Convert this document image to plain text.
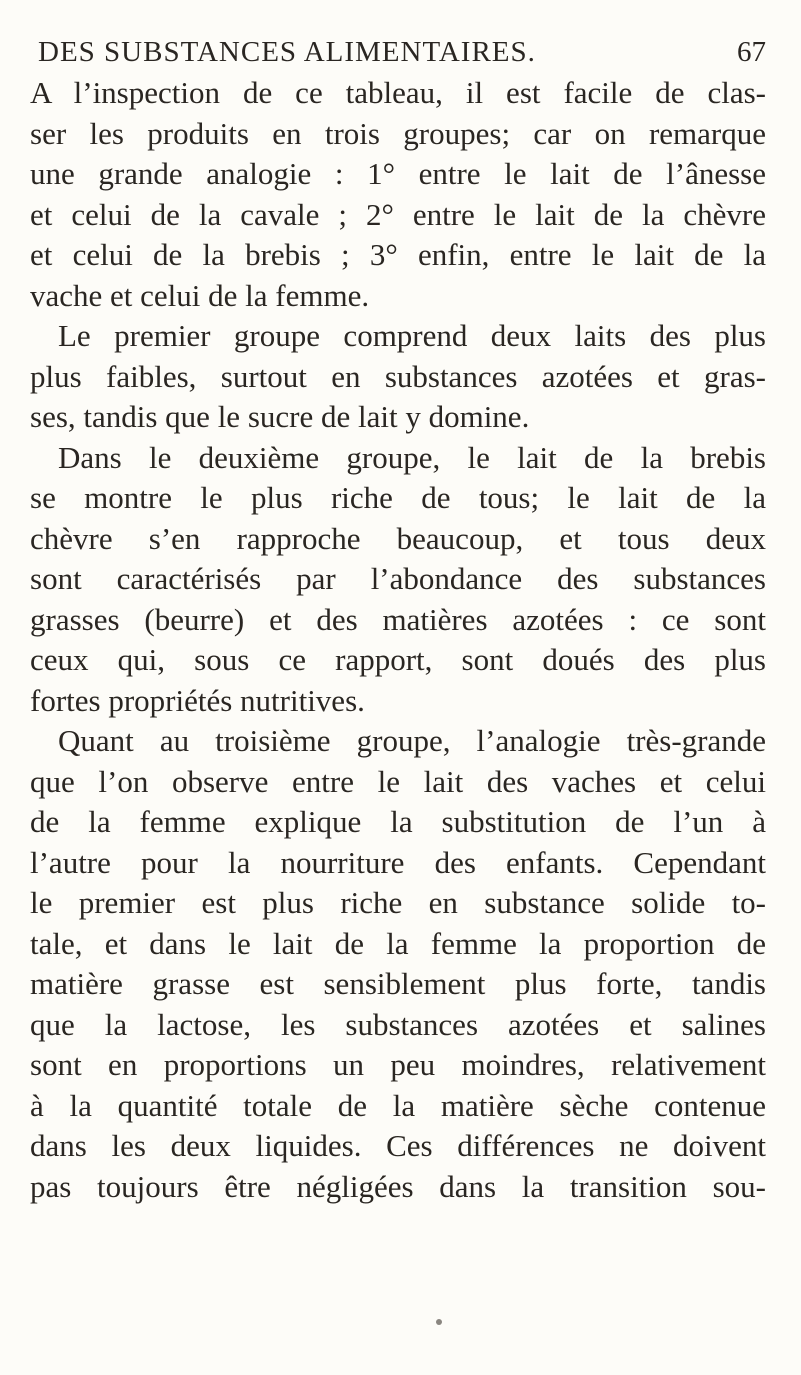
DES SUBSTANCES ALIMENTAIRES.	67
A l’inspection de ce tableau, il est facile de clas-
ser les produits en trois groupes; car on remarque
une grande analogie : 1° entre le lait de l’ânesse
et celui de la cavale ; 2° entre le lait de la chèvre
et celui de la brebis ; 3° enfin, entre le lait de la
vache et celui de la femme.
Le premier groupe comprend deux laits des plus
plus faibles, surtout en substances azotées et gras-
ses, tandis que le sucre de lait y domine.
Dans le deuxième groupe, le lait de la brebis
se montre le plus riche de tous; le lait de la
chèvre s’en rapproche beaucoup, et tous deux
sont caractérisés par l’abondance des substances
grasses (beurre) et des matières azotées : ce sont
ceux qui, sous ce rapport, sont doués des plus
fortes propriétés nutritives.
Quant au troisième groupe, l’analogie très-grande
que l’on observe entre le lait des vaches et celui
de la femme explique la substitution de l’un à
l’autre pour la nourriture des enfants. Cependant
le premier est plus riche en substance solide to-
tale, et dans le lait de la femme la proportion de
matière grasse est sensiblement plus forte, tandis
que la lactose, les substances azotées et salines
sont en proportions un peu moindres, relativement
à la quantité totale de la matière sèche contenue
dans les deux liquides. Ces différences ne doivent
pas toujours être négligées dans la transition sou-
